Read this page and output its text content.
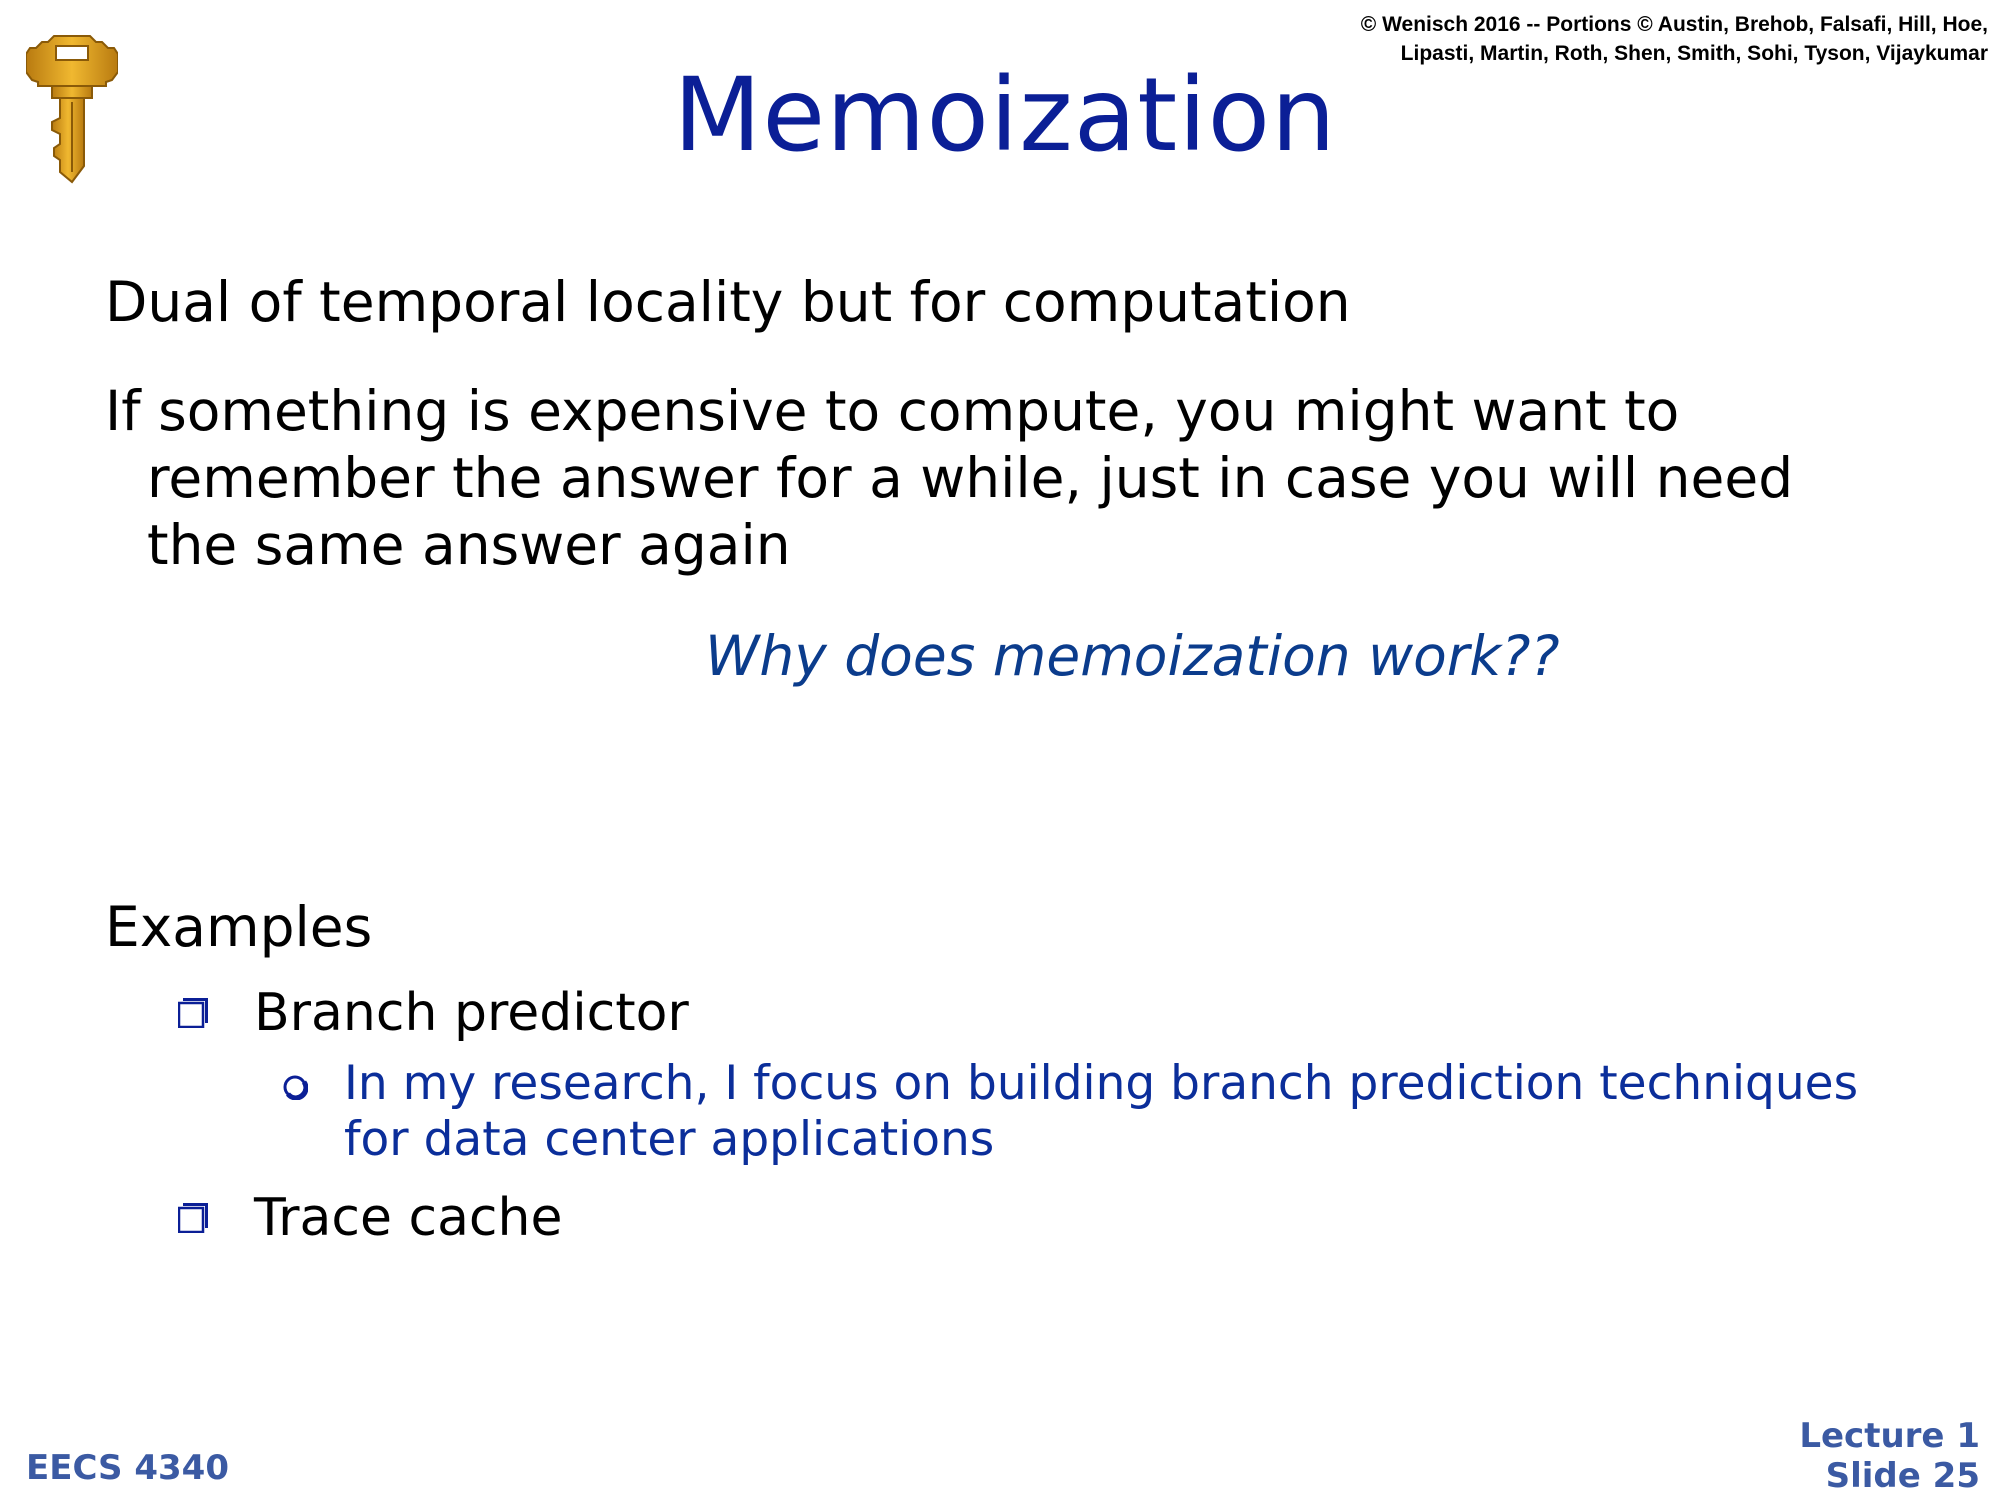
© Wenisch 2016 -- Portions © Austin, Brehob, Falsafi, Hill, Hoe,
Lipasti, Martin, Roth, Shen, Smith, Sohi, Tyson, Vijaykumar
Memoization
Dual of temporal locality but for computation
If something is expensive to compute, you might want to
remember the answer for a while, just in case you will need
the same answer again
Why does memoization work??
Examples
Branch predictor
In my research, I focus on building branch prediction techniques
for data center applications
Trace cache
EECS 4340
Lecture 1
Slide 25
